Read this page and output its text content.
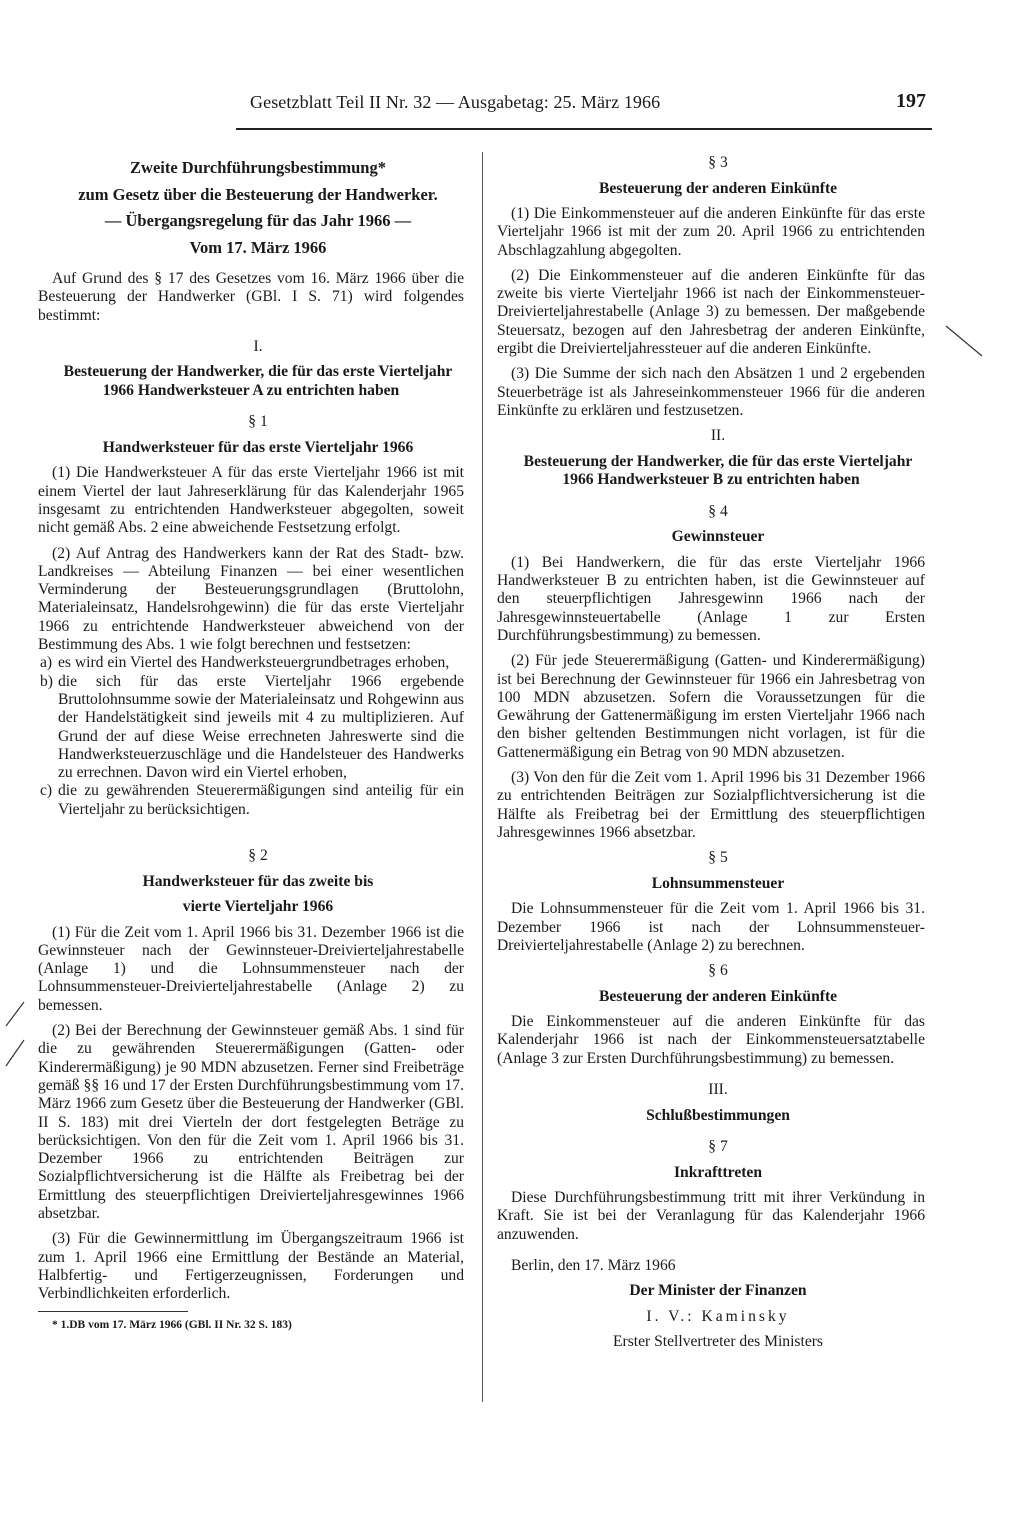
Gesetzblatt Teil II Nr. 32 — Ausgabetag: 25. März 1966	197

Zweite Durchführungsbestimmung*

zum Gesetz über die Besteuerung der Handwerker.

— Übergangsregelung für das Jahr 1966 —

Vom 17. März 1966

Auf Grund des § 17 des Gesetzes vom 16. März 1966 über die Besteuerung der Handwerker (GBl. I S. 71) wird folgendes bestimmt:

I.

Besteuerung der Handwerker, die für das erste Vierteljahr 1966 Handwerksteuer A zu entrichten haben

§ 1

Handwerksteuer für das erste Vierteljahr 1966

(1) Die Handwerksteuer A für das erste Vierteljahr 1966 ist mit einem Viertel der laut Jahreserklärung für das Kalenderjahr 1965 insgesamt zu entrichtenden Handwerksteuer abgegolten, soweit nicht gemäß Abs. 2 eine abweichende Festsetzung erfolgt.

(2) Auf Antrag des Handwerkers kann der Rat des Stadt- bzw. Landkreises — Abteilung Finanzen — bei einer wesentlichen Verminderung der Besteuerungsgrundlagen (Bruttolohn, Materialeinsatz, Handelsrohgewinn) die für das erste Vierteljahr 1966 zu entrichtende Handwerksteuer abweichend von der Bestimmung des Abs. 1 wie folgt berechnen und festsetzen:

a) es wird ein Viertel des Handwerksteuergrundbetrages erhoben,
b) die sich für das erste Vierteljahr 1966 ergebende Bruttolohnsumme sowie der Materialeinsatz und Rohgewinn aus der Handelstätigkeit sind jeweils mit 4 zu multiplizieren. Auf Grund der auf diese Weise errechneten Jahreswerte sind die Handwerksteuerzuschläge und die Handelsteuer des Handwerks zu errechnen. Davon wird ein Viertel erhoben,
c) die zu gewährenden Steuerermäßigungen sind anteilig für ein Vierteljahr zu berücksichtigen.

§ 2

Handwerksteuer für das zweite bis

vierte Vierteljahr 1966

(1) Für die Zeit vom 1. April 1966 bis 31. Dezember 1966 ist die Gewinnsteuer nach der Gewinnsteuer-Dreivierteljahrestabelle (Anlage 1) und die Lohnsummensteuer nach der Lohnsummensteuer-Dreivierteljahrestabelle (Anlage 2) zu bemessen.

(2) Bei der Berechnung der Gewinnsteuer gemäß Abs. 1 sind für die zu gewährenden Steuerermäßigungen (Gatten- oder Kinderermäßigung) je 90 MDN abzusetzen. Ferner sind Freibeträge gemäß §§ 16 und 17 der Ersten Durchführungsbestimmung vom 17. März 1966 zum Gesetz über die Besteuerung der Handwerker (GBl. II S. 183) mit drei Vierteln der dort festgelegten Beträge zu berücksichtigen. Von den für die Zeit vom 1. April 1966 bis 31. Dezember 1966 zu entrichtenden Beiträgen zur Sozialpflichtversicherung ist die Hälfte als Freibetrag bei der Ermittlung des steuerpflichtigen Dreivierteljahresgewinnes 1966 absetzbar.

(3) Für die Gewinnermittlung im Übergangszeitraum 1966 ist zum 1. April 1966 eine Ermittlung der Bestände an Material, Halbfertig- und Fertigerzeugnissen, Forderungen und Verbindlichkeiten erforderlich.

* 1.DB vom 17. März 1966 (GBl. II Nr. 32 S. 183)

§ 3

Besteuerung der anderen Einkünfte

(1) Die Einkommensteuer auf die anderen Einkünfte für das erste Vierteljahr 1966 ist mit der zum 20. April 1966 zu entrichtenden Abschlagzahlung abgegolten.

(2) Die Einkommensteuer auf die anderen Einkünfte für das zweite bis vierte Vierteljahr 1966 ist nach der Einkommensteuer-Dreivierteljahrestabelle (Anlage 3) zu bemessen. Der maßgebende Steuersatz, bezogen auf den Jahresbetrag der anderen Einkünfte, ergibt die Dreivierteljahressteuer auf die anderen Einkünfte.

(3) Die Summe der sich nach den Absätzen 1 und 2 ergebenden Steuerbeträge ist als Jahreseinkommensteuer 1966 für die anderen Einkünfte zu erklären und festzusetzen.

II.

Besteuerung der Handwerker, die für das erste Vierteljahr 1966 Handwerksteuer B zu entrichten haben

§ 4

Gewinnsteuer

(1) Bei Handwerkern, die für das erste Vierteljahr 1966 Handwerksteuer B zu entrichten haben, ist die Gewinnsteuer auf den steuerpflichtigen Jahresgewinn 1966 nach der Jahresgewinnsteuertabelle (Anlage 1 zur Ersten Durchführungsbestimmung) zu bemessen.

(2) Für jede Steuerermäßigung (Gatten- und Kinderermäßigung) ist bei Berechnung der Gewinnsteuer für 1966 ein Jahresbetrag von 100 MDN abzusetzen. Sofern die Voraussetzungen für die Gewährung der Gattenermäßigung im ersten Vierteljahr 1966 nach den bisher geltenden Bestimmungen nicht vorlagen, ist für die Gattenermäßigung ein Betrag von 90 MDN abzusetzen.

(3) Von den für die Zeit vom 1. April 1996 bis 31 Dezember 1966 zu entrichtenden Beiträgen zur Sozialpflichtversicherung ist die Hälfte als Freibetrag bei der Ermittlung des steuerpflichtigen Jahresgewinnes 1966 absetzbar.

§ 5

Lohnsummensteuer

Die Lohnsummensteuer für die Zeit vom 1. April 1966 bis 31. Dezember 1966 ist nach der Lohnsummensteuer-Dreivierteljahrestabelle (Anlage 2) zu berechnen.

§ 6

Besteuerung der anderen Einkünfte

Die Einkommensteuer auf die anderen Einkünfte für das Kalenderjahr 1966 ist nach der Einkommensteuersatztabelle (Anlage 3 zur Ersten Durchführungsbestimmung) zu bemessen.

III.

Schlußbestimmungen

§ 7

Inkrafttreten

Diese Durchführungsbestimmung tritt mit ihrer Verkündung in Kraft. Sie ist bei der Veranlagung für das Kalenderjahr 1966 anzuwenden.

Berlin, den 17. März 1966

Der Minister der Finanzen

I. V.: Kaminsky

Erster Stellvertreter des Ministers
